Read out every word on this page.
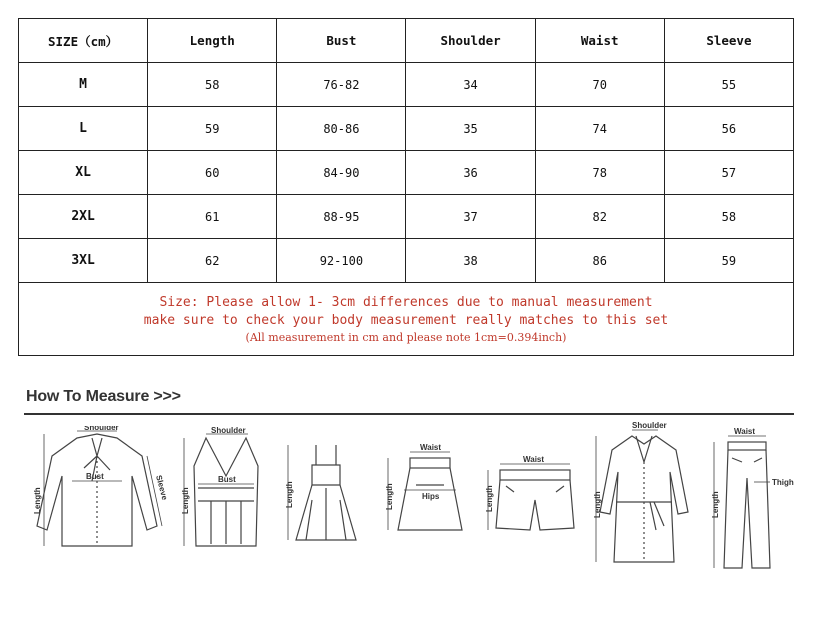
SIZE（cm）	Length	Bust	Shoulder	Waist	Sleeve
M	58	76-82	34	70	55
L	59	80-86	35	74	56
XL	60	84-90	36	78	57
2XL	61	88-95	37	82	58
3XL	62	92-100	38	86	59

Size: Please allow 1- 3cm differences due to manual measurement
make sure to check your body measurement really matches to this set
(All measurement in cm and please note 1cm=0.394inch)					
How To Measure >>>
Shoulder
Bust
Length	Sleeve
Shoulder
Bust
Length	Length
Waist
Hips
Length
Waist
Length
Shoulder
Length
Waist
Thigh
Length
